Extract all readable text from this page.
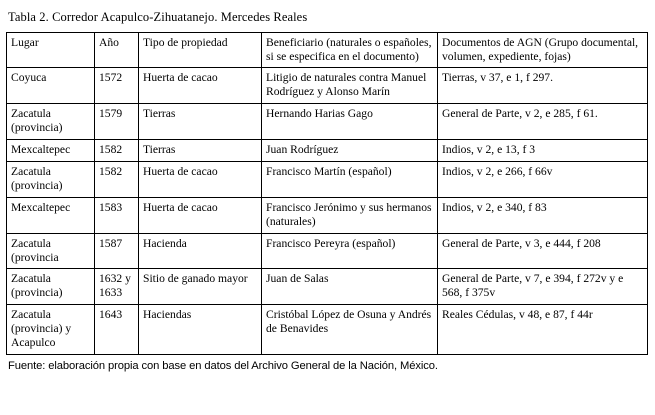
Tabla 2. Corredor Acapulco-Zihuatanejo. Mercedes Reales
Lugar	Año	Tipo de propiedad	Beneficiario (naturales o españoles, si se especifica en el documento)	Documentos de AGN (Grupo documental, volumen, expediente, fojas)
Coyuca	1572	Huerta de cacao	Litigio de naturales contra Manuel Rodríguez y Alonso Marín	Tierras, v 37, e 1, f 297.
Zacatula (provincia)	1579	Tierras	Hernando Harias Gago	General de Parte, v 2, e 285, f 61.
Mexcaltepec	1582	Tierras	Juan Rodríguez	Indios, v 2, e 13, f 3
Zacatula (provincia)	1582	Huerta de cacao	Francisco Martín (español)	Indios, v 2, e 266, f 66v
Mexcaltepec	1583	Huerta de cacao	Francisco Jerónimo y sus hermanos (naturales)	Indios, v 2, e 340, f 83
Zacatula (provincia	1587	Hacienda	Francisco Pereyra (español)	General de Parte, v 3, e 444, f 208
Zacatula (provincia)	1632 y 1633	Sitio de ganado mayor	Juan de Salas	General de Parte, v 7, e 394, f 272v y e 568, f 375v
Zacatula (provincia) y Acapulco	1643	Haciendas	Cristóbal López de Osuna y Andrés de Benavides	Reales Cédulas, v 48, e 87, f 44r
Fuente: elaboración propia con base en datos del Archivo General de la Nación, México.
